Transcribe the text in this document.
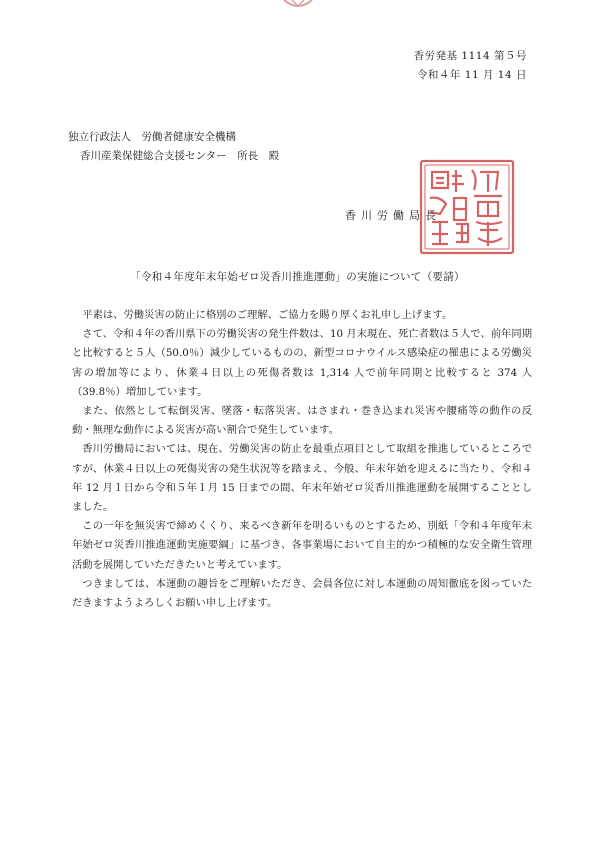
香労発基 1114 第５号
令和４年 11 月 14 日
独立行政法人　労働者健康安全機構
香川産業保健総合支援センター　所長　殿
香川労働局長
「令和４年度年末年始ゼロ災香川推進運動」の実施について（要請）

平素は、労働災害の防止に格別のご理解、ご協力を賜り厚くお礼申し上げます。

さて、令和４年の香川県下の労働災害の発生件数は、10 月末現在、死亡者数は５人で、前年同期と比較すると５人（50.0％）減少しているものの、新型コロナウイルス感染症の罹患による労働災害の増加等により、休業４日以上の死傷者数は 1,314 人で前年同期と比較すると 374 人（39.8％）増加しています。

また、依然として転倒災害、墜落・転落災害、はさまれ・巻き込まれ災害や腰痛等の動作の反動・無理な動作による災害が高い割合で発生しています。

香川労働局においては、現在、労働災害の防止を最重点項目として取組を推進しているところですが、休業４日以上の死傷災害の発生状況等を踏まえ、今般、年末年始を迎えるに当たり、令和４年 12 月１日から令和５年１月 15 日までの間、年末年始ゼロ災香川推進運動を展開することとしました。

この一年を無災害で締めくくり、来るべき新年を明るいものとするため、別紙「令和４年度年末年始ゼロ災香川推進運動実施要綱」に基づき、各事業場において自主的かつ積極的な安全衛生管理活動を展開していただきたいと考えています。

つきましては、本運動の趣旨をご理解いただき、会員各位に対し本運動の周知徹底を図っていただきますようよろしくお願い申し上げます。
